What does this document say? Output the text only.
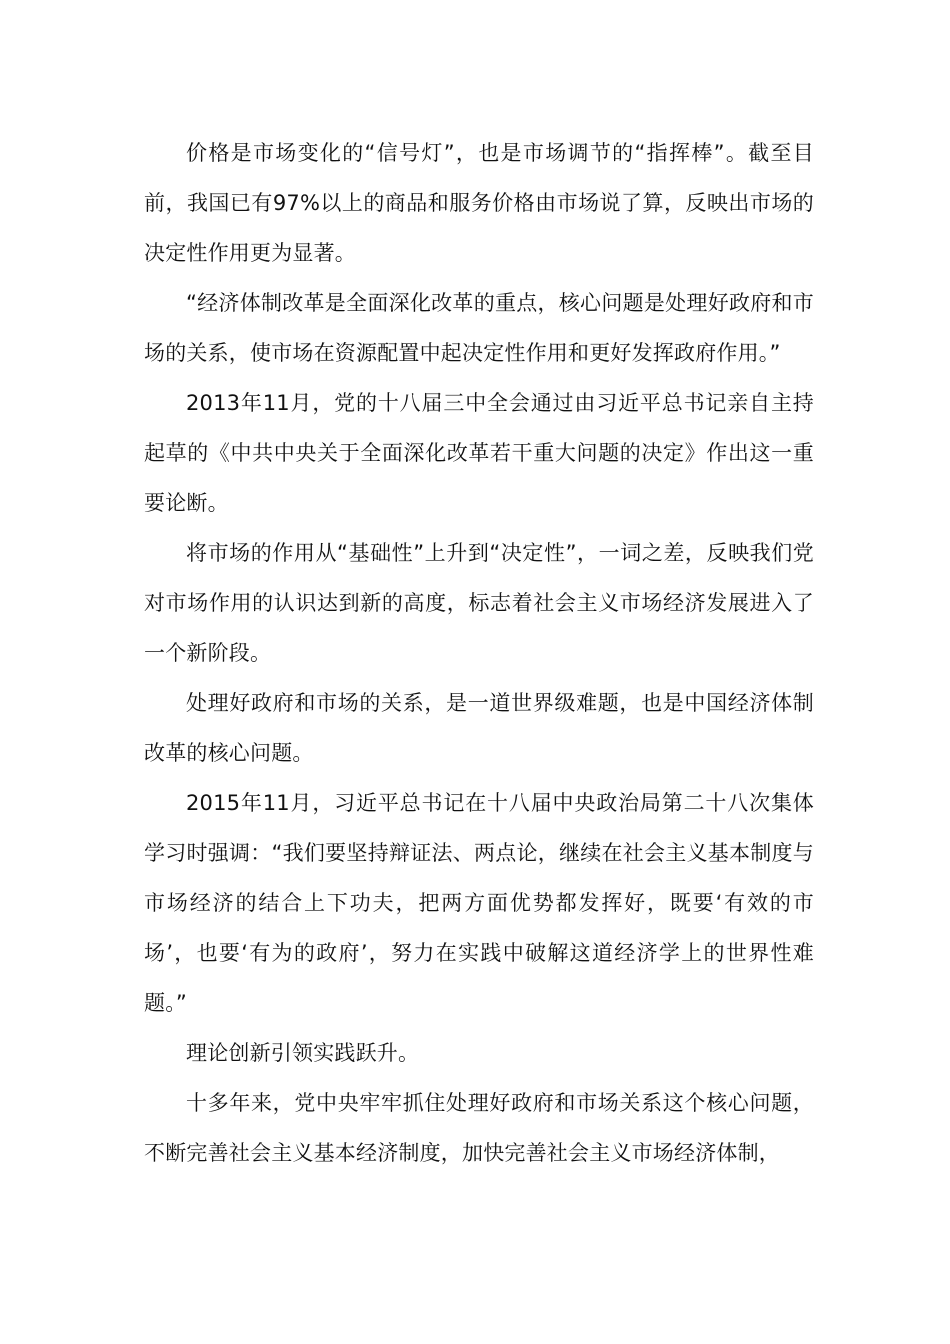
价格是市场变化的“信号灯”，也是市场调节的“指挥棒”。截至目前，我国已有97%以上的商品和服务价格由市场说了算，反映出市场的决定性作用更为显著。

“经济体制改革是全面深化改革的重点，核心问题是处理好政府和市场的关系，使市场在资源配置中起决定性作用和更好发挥政府作用。”

2013年11月，党的十八届三中全会通过由习近平总书记亲自主持起草的《中共中央关于全面深化改革若干重大问题的决定》作出这一重要论断。

将市场的作用从“基础性”上升到“决定性”，一词之差，反映我们党对市场作用的认识达到新的高度，标志着社会主义市场经济发展进入了一个新阶段。

处理好政府和市场的关系，是一道世界级难题，也是中国经济体制改革的核心问题。

2015年11月，习近平总书记在十八届中央政治局第二十八次集体学习时强调：“我们要坚持辩证法、两点论，继续在社会主义基本制度与市场经济的结合上下功夫，把两方面优势都发挥好，既要‘有效的市场’，也要‘有为的政府’，努力在实践中破解这道经济学上的世界性难题。”

理论创新引领实践跃升。

十多年来，党中央牢牢抓住处理好政府和市场关系这个核心问题，不断完善社会主义基本经济制度，加快完善社会主义市场经济体制，
